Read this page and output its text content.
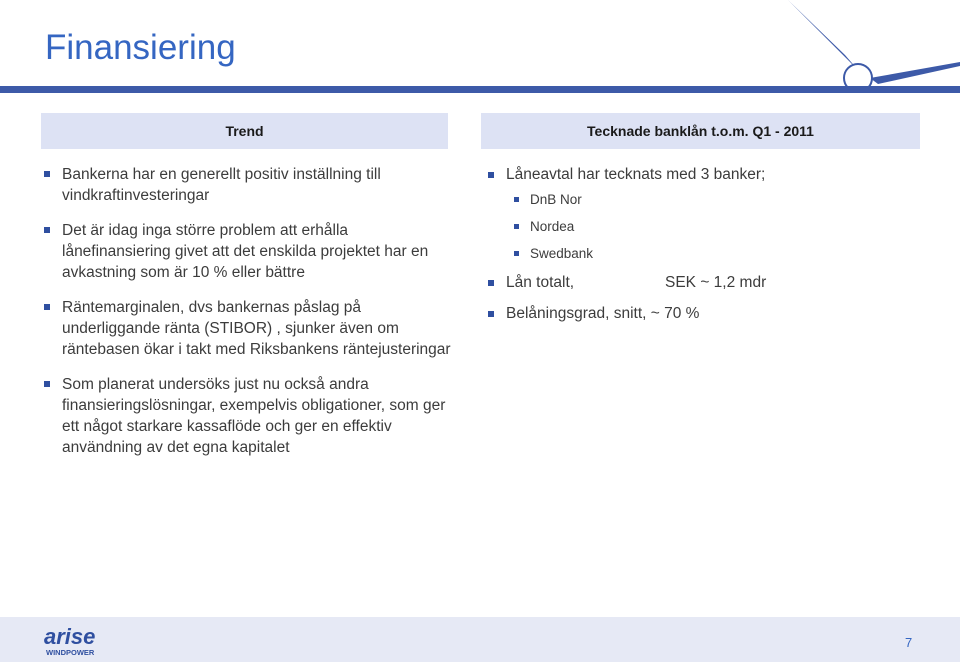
Finansiering
Trend	Tecknade banklån t.o.m. Q1 - 2011
Bankerna har en generellt positiv inställning till vindkraftinvesteringar
Det är idag inga större problem att erhålla lånefinansiering givet att det enskilda projektet har en avkastning som är 10 % eller bättre
Räntemarginalen, dvs bankernas påslag på underliggande ränta (STIBOR) , sjunker även om räntebasen ökar i takt med Riksbankens räntejusteringar
Som planerat undersöks just nu också andra finansieringslösningar, exempelvis obligationer, som ger ett något starkare kassaflöde och ger en effektiv användning av det egna kapitalet
Låneavtal har tecknats med 3 banker;
DnB Nor
Nordea
Swedbank
Lån totalt,	SEK ~ 1,2 mdr
Belåningsgrad, snitt, ~ 70 %
arise
WINDPOWER
7
